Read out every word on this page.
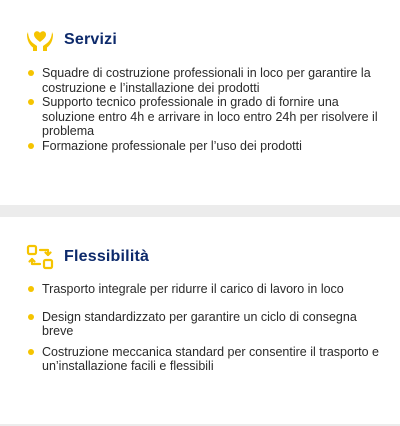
Servizi
Squadre di costruzione professionali in loco per garantire la costruzione e l’installazione dei prodotti
Supporto tecnico professionale in grado di fornire una soluzione entro 4h e arrivare in loco entro 24h per risolvere il problema
Formazione professionale per l’uso dei prodotti
Flessibilità
Trasporto integrale per ridurre il carico di lavoro in loco
Design standardizzato per garantire un ciclo di consegna breve
Costruzione meccanica standard per consentire il trasporto e un’installazione facili e flessibili
